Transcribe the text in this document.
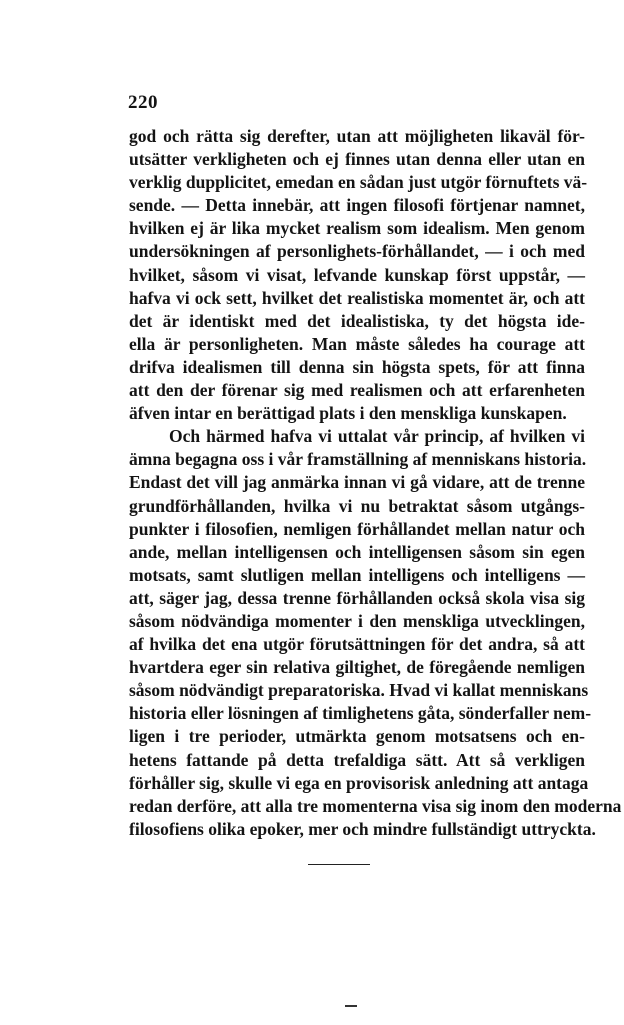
220
god och rätta sig derefter, utan att möjligheten likaväl för-
utsätter verkligheten och ej finnes utan denna eller utan en
verklig dupplicitet, emedan en sådan just utgör förnuftets vä-
sende. — Detta innebär, att ingen filosofi förtjenar namnet,
hvilken ej är lika mycket realism som idealism. Men genom
undersökningen af personlighets-förhållandet, — i och med
hvilket, såsom vi visat, lefvande kunskap först uppstår, —
hafva vi ock sett, hvilket det realistiska momentet är, och att
det är identiskt med det idealistiska, ty det högsta ide-
ella är personligheten. Man måste således ha courage att
drifva idealismen till denna sin högsta spets, för att finna
att den der förenar sig med realismen och att erfarenheten
äfven intar en berättigad plats i den menskliga kunskapen.
Och härmed hafva vi uttalat vår princip, af hvilken vi
ämna begagna oss i vår framställning af menniskans historia.
Endast det vill jag anmärka innan vi gå vidare, att de trenne
grundförhållanden, hvilka vi nu betraktat såsom utgångs-
punkter i filosofien, nemligen förhållandet mellan natur och
ande, mellan intelligensen och intelligensen såsom sin egen
motsats, samt slutligen mellan intelligens och intelligens —
att, säger jag, dessa trenne förhållanden också skola visa sig
såsom nödvändiga momenter i den menskliga utvecklingen,
af hvilka det ena utgör förutsättningen för det andra, så att
hvartdera eger sin relativa giltighet, de föregående nemligen
såsom nödvändigt preparatoriska. Hvad vi kallat menniskans
historia eller lösningen af timlighetens gåta, sönderfaller nem-
ligen i tre perioder, utmärkta genom motsatsens och en-
hetens fattande på detta trefaldiga sätt. Att så verkligen
förhåller sig, skulle vi ega en provisorisk anledning att antaga
redan derföre, att alla tre momenterna visa sig inom den moderna
filosofiens olika epoker, mer och mindre fullständigt uttryckta.
